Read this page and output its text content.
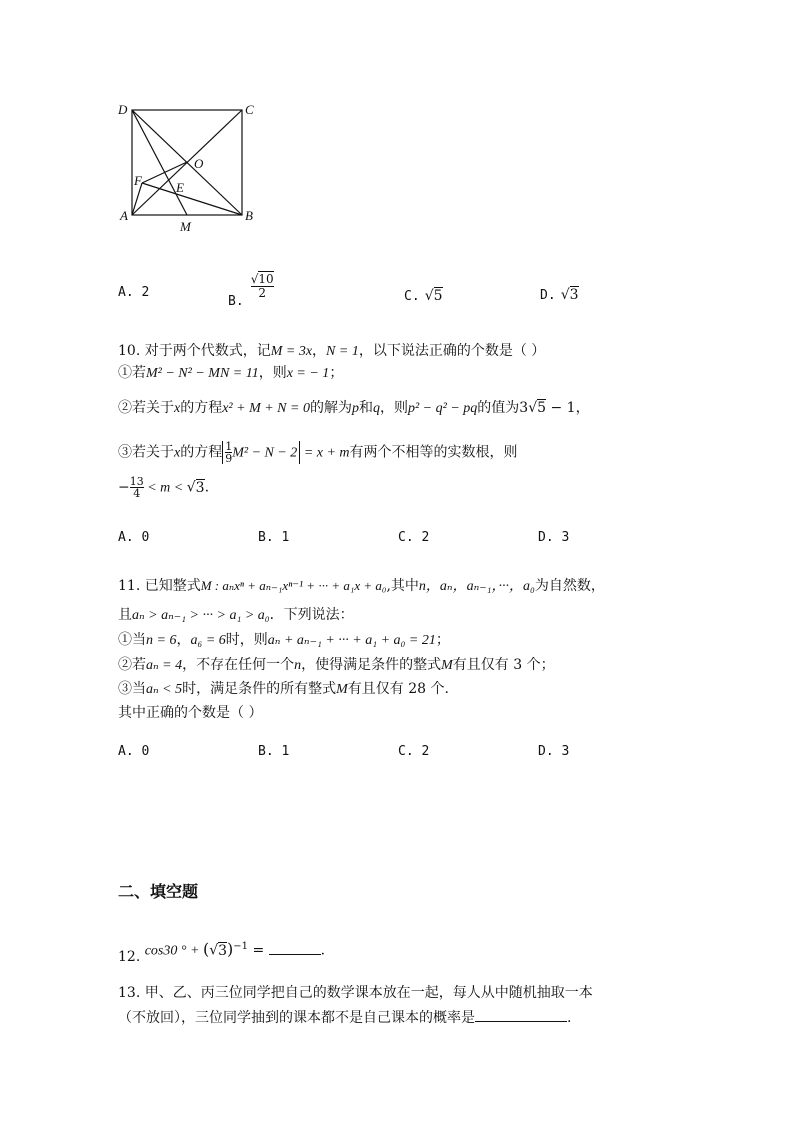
D	C
O
F	E
A	B
M
A. 2
$_{B.}$
$\frac{√10}{2}$	C. √5	D. √3
10. 对于两个代数式，记M = 3x，N = 1，以下说法正确的个数是（ ）
①若M² − N² − MN = 11，则x = − 1；
②若关于x的方程x² + M + N = 0的解为p和q，则p² − q² − pq的值为3√5 − 1，
③若关于x的方程 $\frac{1}{9} M^2 - N - 2 = x + m$有两个不相等的实数根，则
− $\frac{13}{4} < m < √3$.
A. 0	B. 1	C. 2	D. 3
11. 已知整式M : aₙxⁿ + aₙ₋₁xⁿ⁻¹ + ··· + a₁x + a₀,其中n，aₙ，aₙ₋₁，···，a₀为自然数，
且aₙ > aₙ₋₁ > ··· > a₁ > a₀．下列说法：
①当n = 6，a₆ = 6时，则aₙ + aₙ₋₁ + ··· + a₁ + a₀ = 21；
②若aₙ = 4，不存在任何一个n，使得满足条件的整式M有且仅有 3 个；
③当aₙ < 5时，满足条件的所有整式M有且仅有 28 个.
其中正确的个数是（ ）
A. 0	B. 1	C. 2	D. 3
二、填空题
12. cos30 ° + $(√3)^{-1}$ =	.
13. 甲、乙、丙三位同学把自己的数学课本放在一起，每人从中随机抽取一本
（不放回），三位同学抽到的课本都不是自己课本的概率是	.
